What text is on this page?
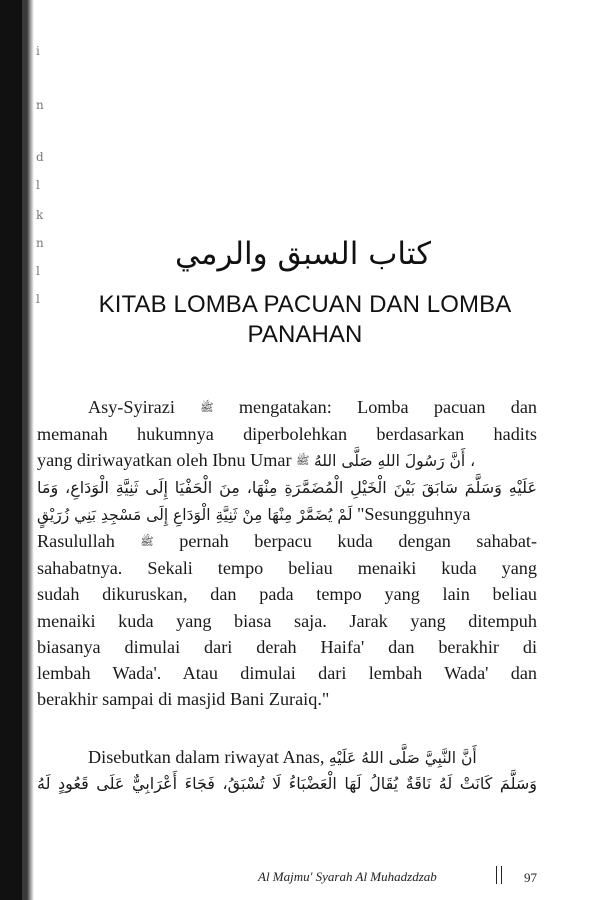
i
n
d
l
k
n
l
l
كتاب السبق والرمي
KITAB LOMBA PACUAN DAN LOMBA
PANAHAN
Asy-Syirazi ﷺ mengatakan: Lomba pacuan dan
memanah hukumnya diperbolehkan berdasarkan hadits
yang diriwayatkan oleh Ibnu Umar ﷺ ، أَنَّ رَسُولَ اللهِ صَلَّى اللهُ
عَلَيْهِ وَسَلَّمَ سَابَقَ بَيْنَ الْخَيْلِ الْمُضَمَّرَةِ مِنْهَا، مِنَ الْحَفْيَا إِلَى ثَنِيَّةِ الْوَدَاعِ، وَمَا
لَمْ يُضَمَّرْ مِنْهَا مِنْ ثَنِيَّةِ الْوَدَاعِ إِلَى مَسْجِدِ بَنِي زُرَيْقٍ "Sesungguhnya
Rasulullah ﷺ pernah berpacu kuda dengan sahabat-
sahabatnya. Sekali tempo beliau menaiki kuda yang
sudah dikuruskan, dan pada tempo yang lain beliau
menaiki kuda yang biasa saja. Jarak yang ditempuh
biasanya dimulai dari derah Haifa' dan berakhir di
lembah Wada'. Atau dimulai dari lembah Wada' dan
berakhir sampai di masjid Bani Zuraiq."
Disebutkan dalam riwayat Anas, أَنَّ النَّبِيَّ صَلَّى اللهُ عَلَيْهِ
وَسَلَّمَ كَانَتْ لَهُ نَاقَةٌ يُقَالُ لَهَا الْعَضْبَاءُ لَا تُسْبَقُ، فَجَاءَ أَعْرَابِيٌّ عَلَى قَعُودٍ لَهُ
Al Majmu' Syarah Al Muhadzdzab	97
